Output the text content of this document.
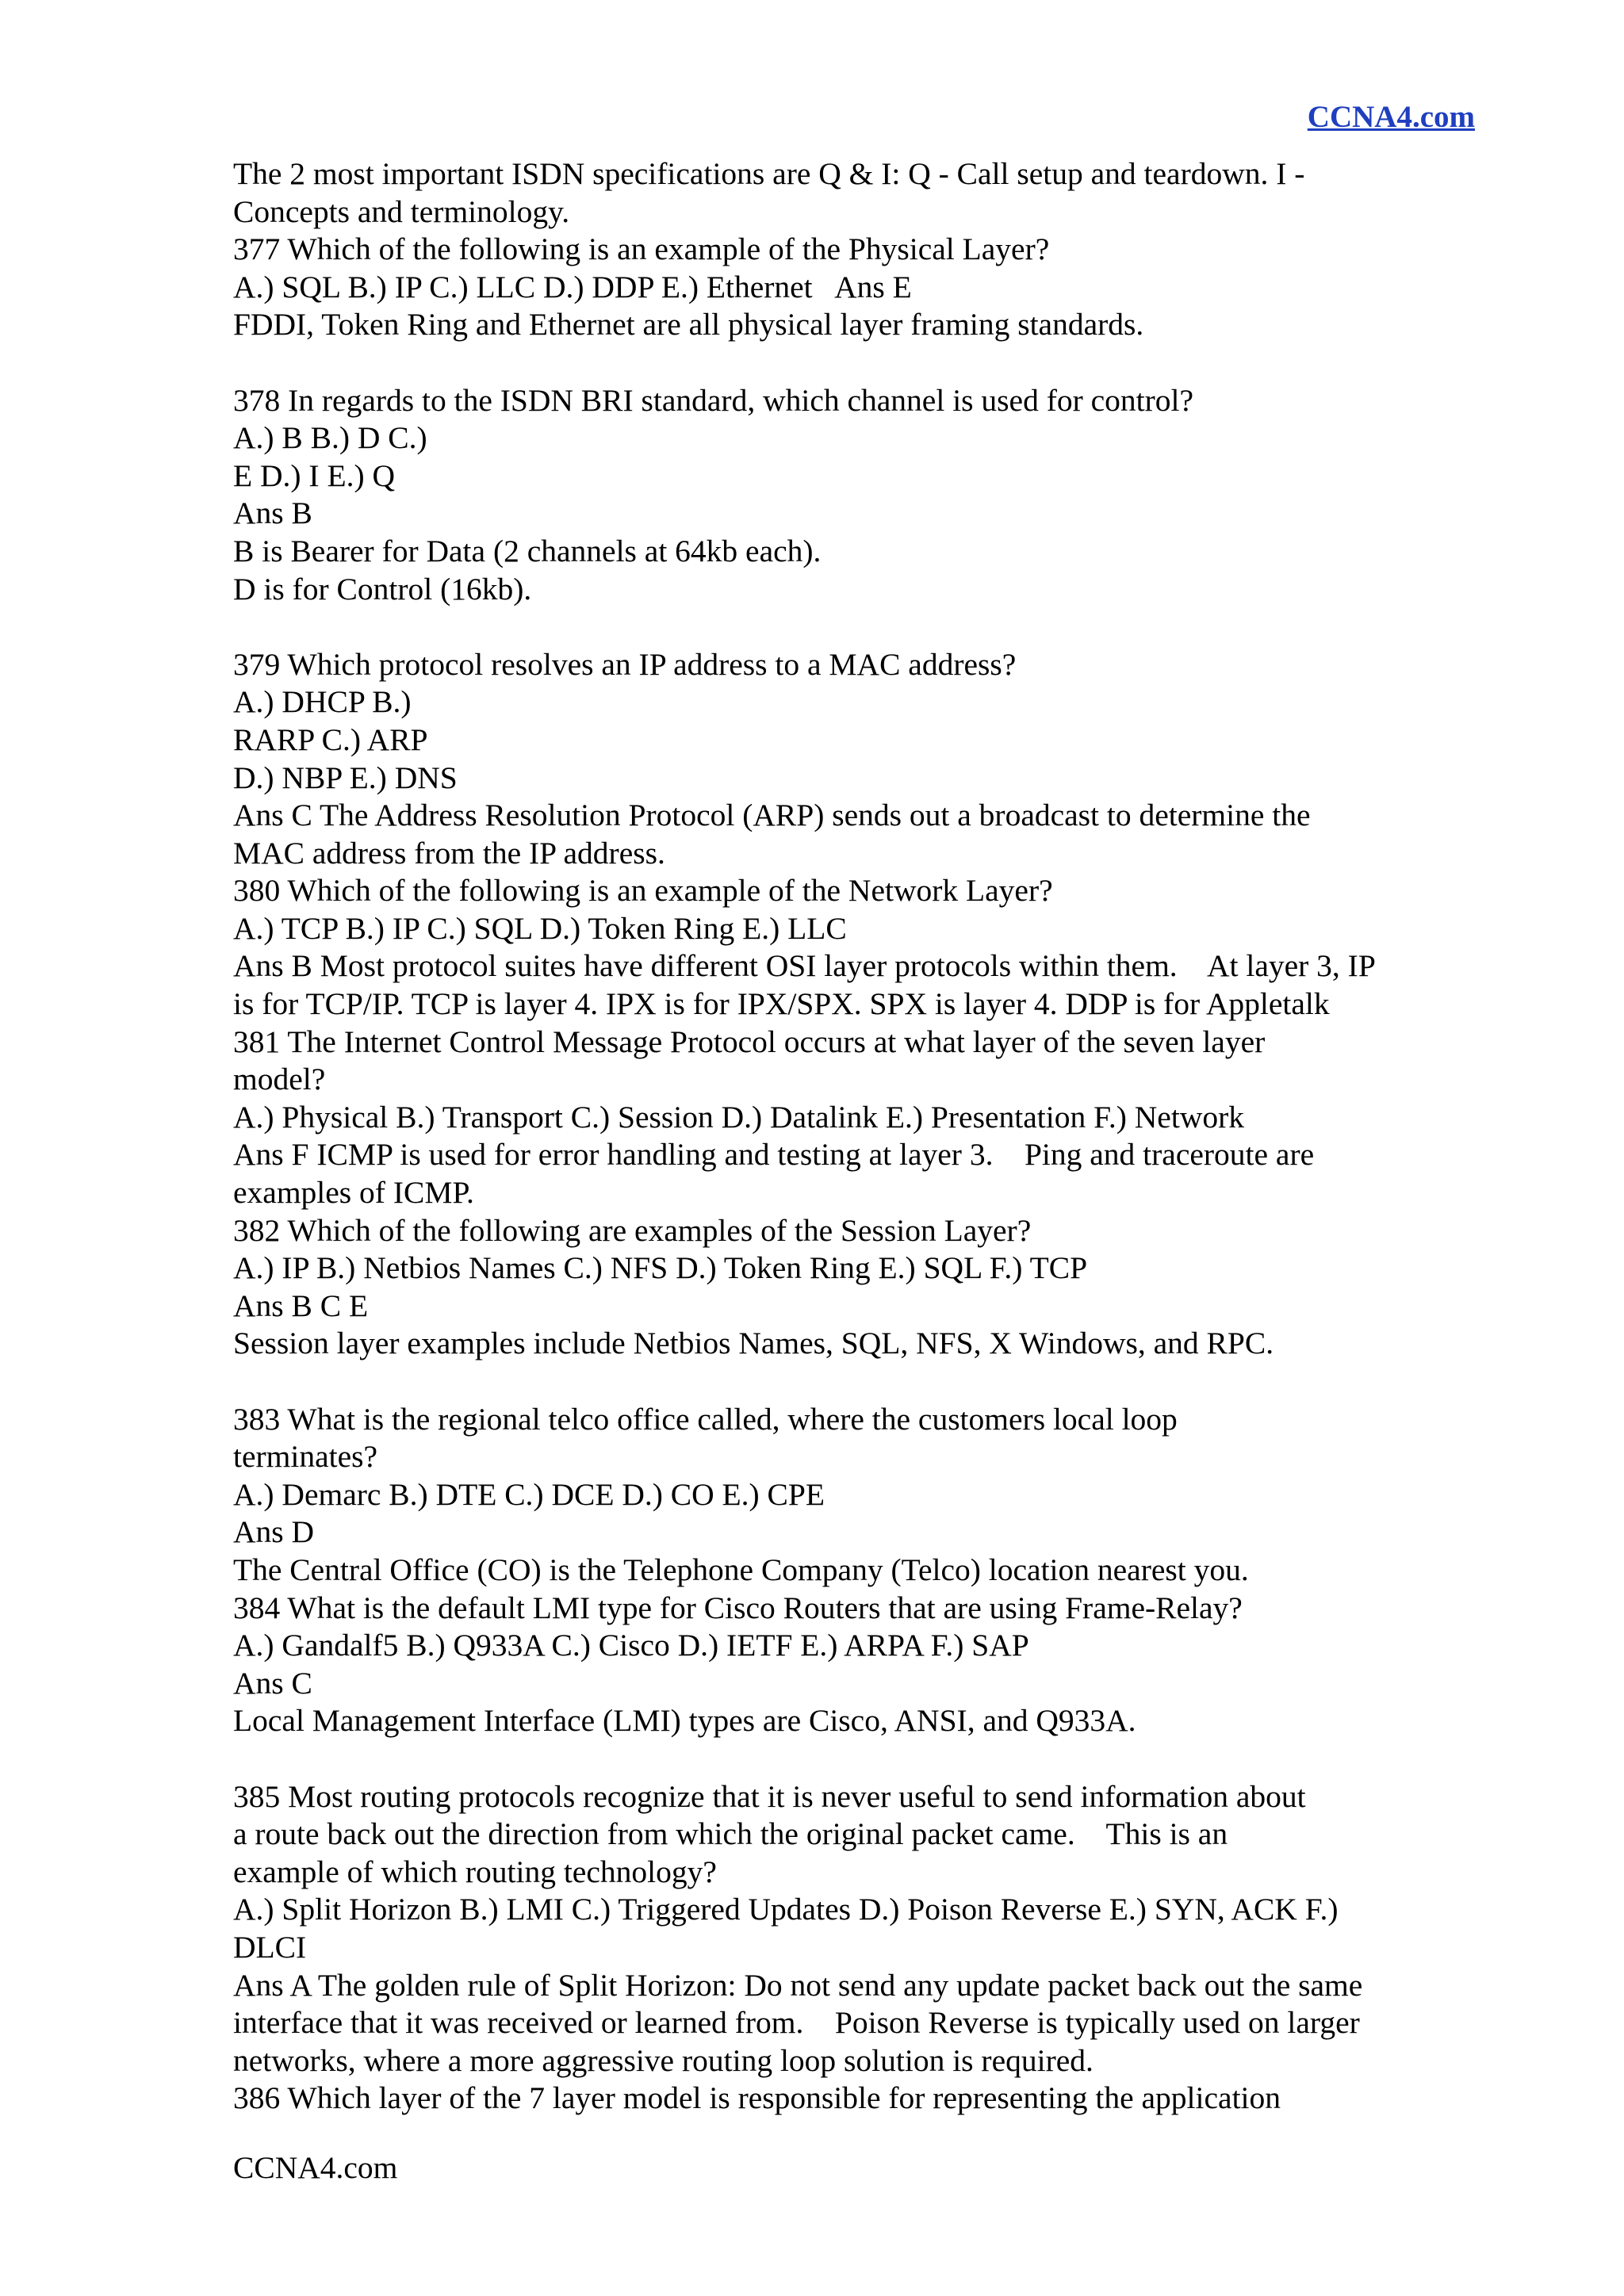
CCNA4.com
The 2 most important ISDN specifications are Q & I: Q - Call setup and teardown. I -
Concepts and terminology.
377 Which of the following is an example of the Physical Layer?
A.) SQL B.) IP C.) LLC D.) DDP E.) Ethernet   Ans E
FDDI, Token Ring and Ethernet are all physical layer framing standards.
378 In regards to the ISDN BRI standard, which channel is used for control?
A.) B B.) D C.)
E D.) I E.) Q
Ans B
B is Bearer for Data (2 channels at 64kb each).
D is for Control (16kb).
379 Which protocol resolves an IP address to a MAC address?
A.) DHCP B.)
RARP C.) ARP
D.) NBP E.) DNS
Ans C The Address Resolution Protocol (ARP) sends out a broadcast to determine the
MAC address from the IP address.
380 Which of the following is an example of the Network Layer?
A.) TCP B.) IP C.) SQL D.) Token Ring E.) LLC
Ans B Most protocol suites have different OSI layer protocols within them.    At layer 3, IP
is for TCP/IP. TCP is layer 4. IPX is for IPX/SPX. SPX is layer 4. DDP is for Appletalk
381 The Internet Control Message Protocol occurs at what layer of the seven layer
model?
A.) Physical B.) Transport C.) Session D.) Datalink E.) Presentation F.) Network
Ans F ICMP is used for error handling and testing at layer 3.    Ping and traceroute are
examples of ICMP.
382 Which of the following are examples of the Session Layer?
A.) IP B.) Netbios Names C.) NFS D.) Token Ring E.) SQL F.) TCP
Ans B C E
Session layer examples include Netbios Names, SQL, NFS, X Windows, and RPC.
383 What is the regional telco office called, where the customers local loop
terminates?
A.) Demarc B.) DTE C.) DCE D.) CO E.) CPE
Ans D
The Central Office (CO) is the Telephone Company (Telco) location nearest you.
384 What is the default LMI type for Cisco Routers that are using Frame-Relay?
A.) Gandalf5 B.) Q933A C.) Cisco D.) IETF E.) ARPA F.) SAP
Ans C
Local Management Interface (LMI) types are Cisco, ANSI, and Q933A.
385 Most routing protocols recognize that it is never useful to send information about
a route back out the direction from which the original packet came.    This is an
example of which routing technology?
A.) Split Horizon B.) LMI C.) Triggered Updates D.) Poison Reverse E.) SYN, ACK F.)
DLCI
Ans A The golden rule of Split Horizon: Do not send any update packet back out the same
interface that it was received or learned from.    Poison Reverse is typically used on larger
networks, where a more aggressive routing loop solution is required.
386 Which layer of the 7 layer model is responsible for representing the application
CCNA4.com
